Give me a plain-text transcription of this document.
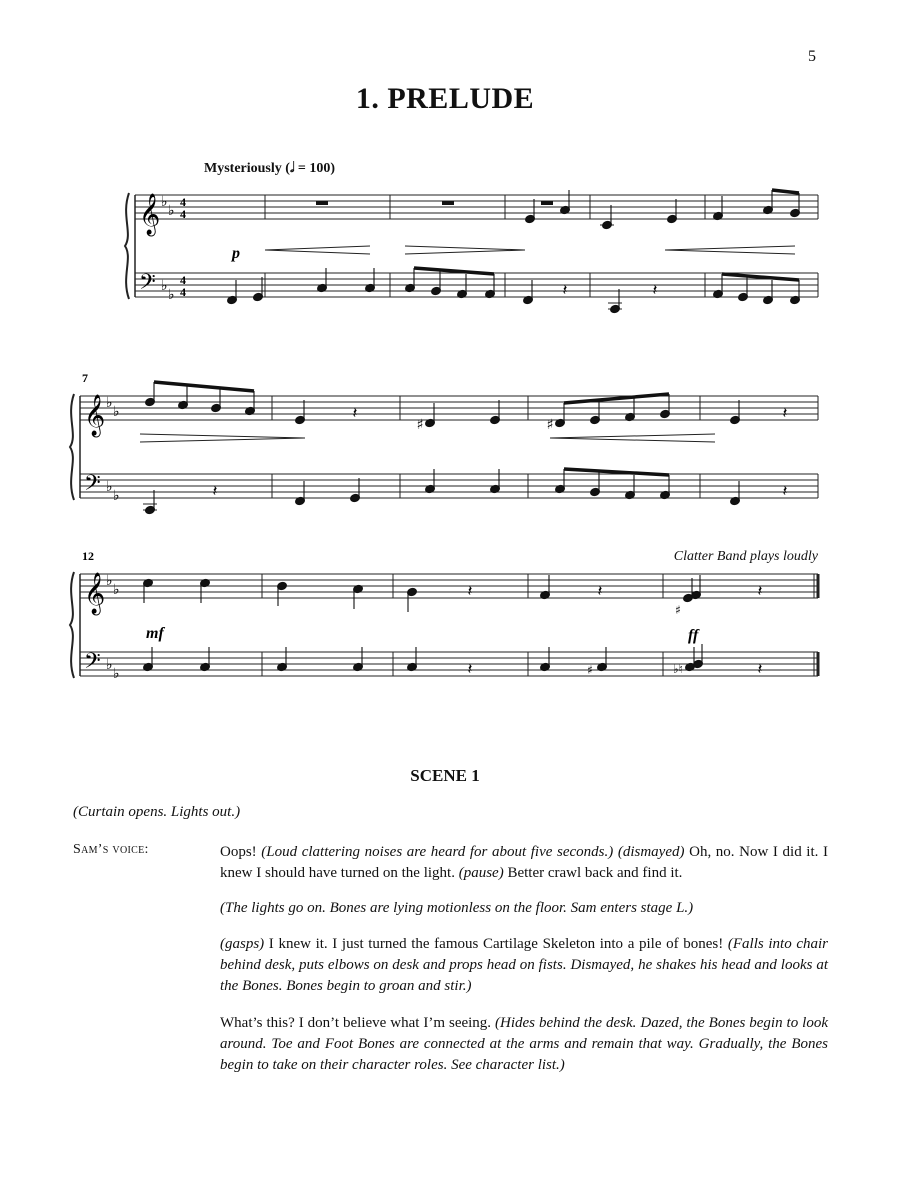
5
1. PRELUDE
Mysteriously (𝅗𝅥 = 100)
𝄞
𝄢
♭
♭
♭
♭
4
4
4
4
𝄞
𝄢
♭
♭
♭
♭
7
𝄞
𝄢
♭
♭
♭
♭
12
𝄽	𝄽
𝄽
♯	♯
𝄽
𝄽	𝄽
𝄽	𝄽
♯
𝄽
𝄽	♯	♭♮	𝄽
p
mf	ff
Clatter Band plays loudly
SCENE 1
(Curtain opens. Lights out.)
Sam’s voice:	Oops! (Loud clattering noises are heard for about five seconds.) (dismayed) Oh, no. Now I did it. I knew I should have turned on the light. (pause) Better crawl back and find it.
(The lights go on. Bones are lying motionless on the floor. Sam enters stage L.)
(gasps) I knew it. I just turned the famous Cartilage Skeleton into a pile of bones! (Falls into chair behind desk, puts elbows on desk and props head on fists. Dismayed, he shakes his head and looks at the Bones. Bones begin to groan and stir.)
What’s this? I don’t believe what I’m seeing. (Hides behind the desk. Dazed, the Bones begin to look around. Toe and Foot Bones are connected at the arms and remain that way. Gradually, the Bones begin to take on their character roles. See character list.)
